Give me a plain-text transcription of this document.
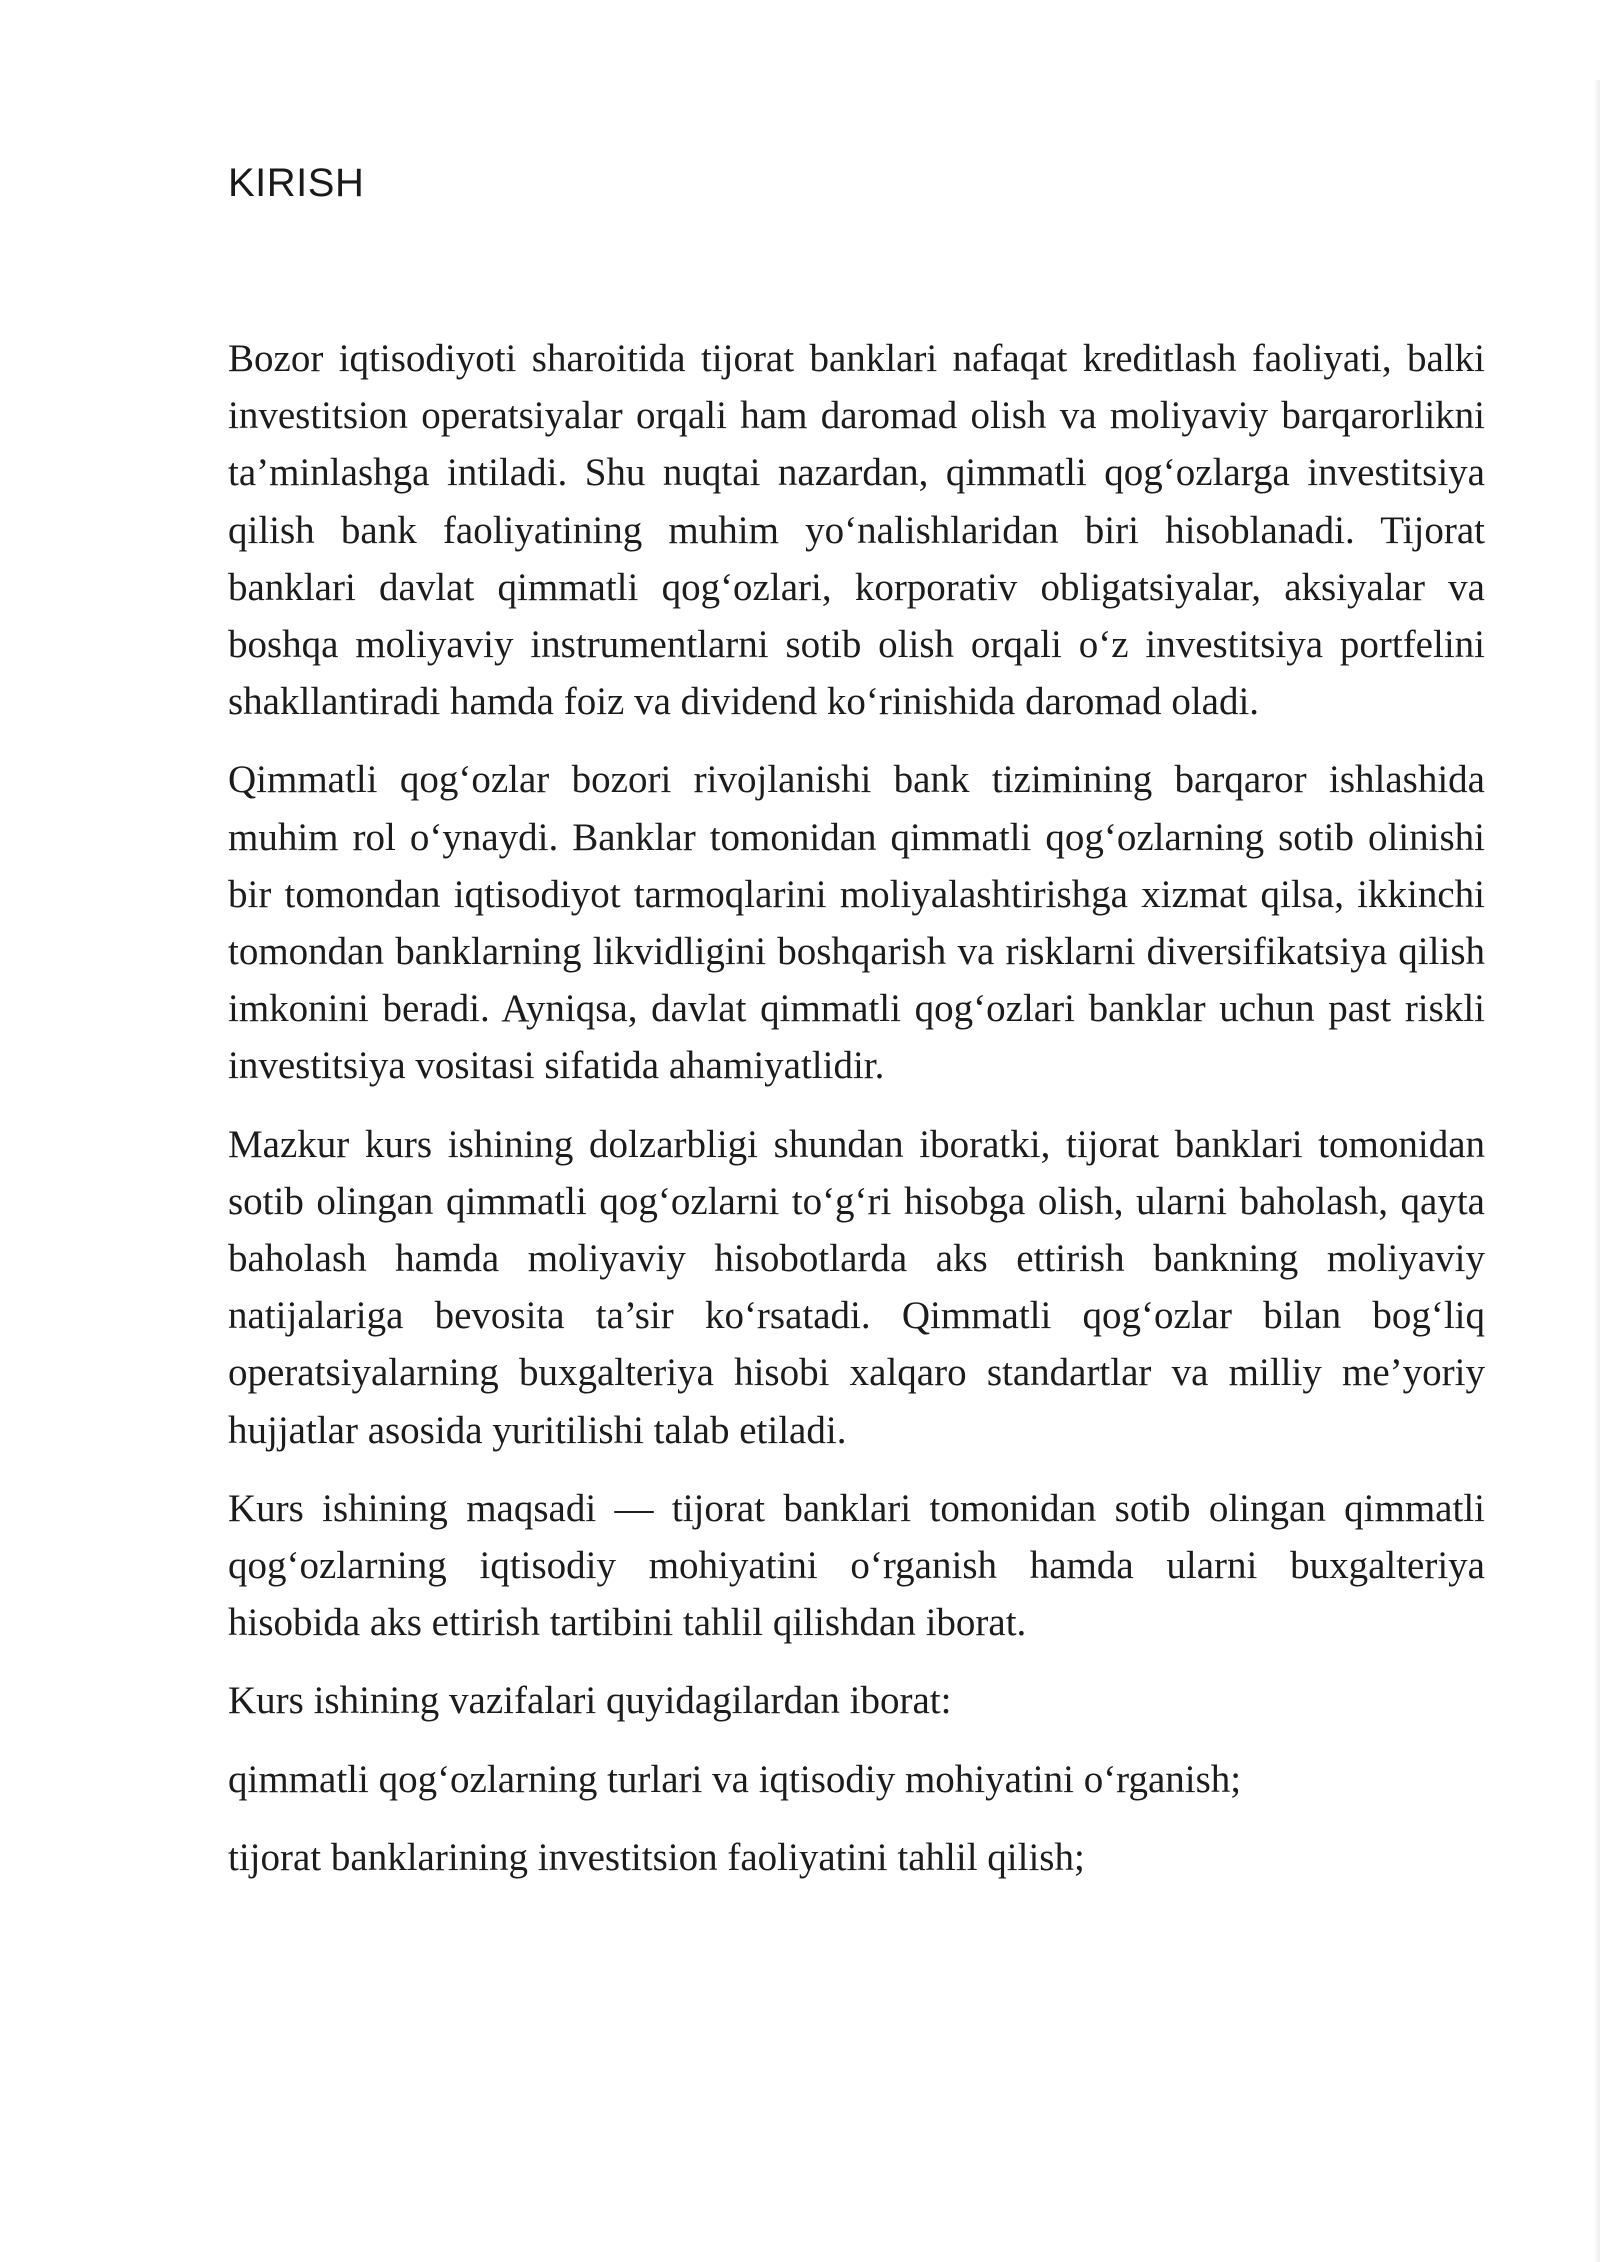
KIRISH

Bozor iqtisodiyoti sharoitida tijorat banklari nafaqat kreditlash faoliyati, balki investitsion operatsiyalar orqali ham daromad olish va moliyaviy barqarorlikni ta’minlashga intiladi. Shu nuqtai nazardan, qimmatli qog‘ozlarga investitsiya qilish bank faoliyatining muhim yo‘nalishlaridan biri hisoblanadi. Tijorat banklari davlat qimmatli qog‘ozlari, korporativ obligatsiyalar, aksiyalar va boshqa moliyaviy instrumentlarni sotib olish orqali o‘z investitsiya portfelini shakllantiradi hamda foiz va dividend ko‘rinishida daromad oladi.

Qimmatli qog‘ozlar bozori rivojlanishi bank tizimining barqaror ishlashida muhim rol o‘ynaydi. Banklar tomonidan qimmatli qog‘ozlarning sotib olinishi bir tomondan iqtisodiyot tarmoqlarini moliyalashtirishga xizmat qilsa, ikkinchi tomondan banklarning likvidligini boshqarish va risklarni diversifikatsiya qilish imkonini beradi. Ayniqsa, davlat qimmatli qog‘ozlari banklar uchun past riskli investitsiya vositasi sifatida ahamiyatlidir.

Mazkur kurs ishining dolzarbligi shundan iboratki, tijorat banklari tomonidan sotib olingan qimmatli qog‘ozlarni to‘g‘ri hisobga olish, ularni baholash, qayta baholash hamda moliyaviy hisobotlarda aks ettirish bankning moliyaviy natijalariga bevosita ta’sir ko‘rsatadi. Qimmatli qog‘ozlar bilan bog‘liq operatsiyalarning buxgalteriya hisobi xalqaro standartlar va milliy me’yoriy hujjatlar asosida yuritilishi talab etiladi.

Kurs ishining maqsadi — tijorat banklari tomonidan sotib olingan qimmatli qog‘ozlarning iqtisodiy mohiyatini o‘rganish hamda ularni buxgalteriya hisobida aks ettirish tartibini tahlil qilishdan iborat.

Kurs ishining vazifalari quyidagilardan iborat:

qimmatli qog‘ozlarning turlari va iqtisodiy mohiyatini o‘rganish;

tijorat banklarining investitsion faoliyatini tahlil qilish;
